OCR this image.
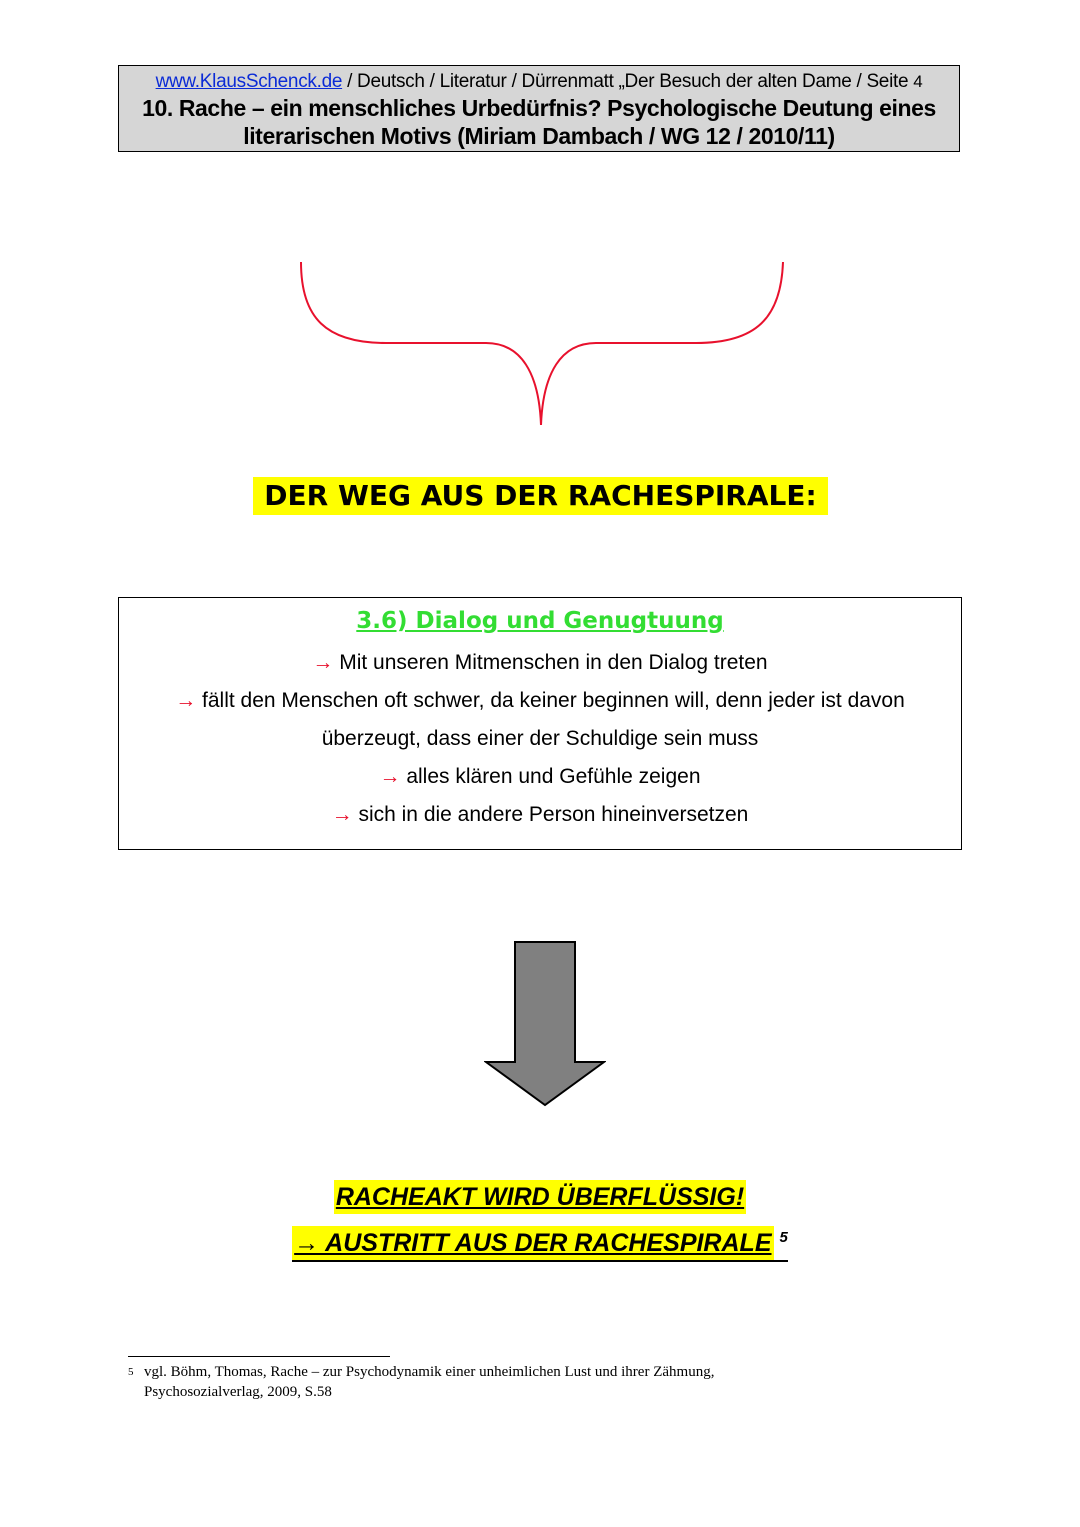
www.KlausSchenck.de / Deutsch / Literatur / Dürrenmatt „Der Besuch der alten Dame / Seite 4
10. Rache – ein menschliches Urbedürfnis? Psychologische Deutung eines
literarischen Motivs (Miriam Dambach / WG 12 / 2010/11)
DER WEG AUS DER RACHESPIRALE:
3.6) Dialog und Genugtuung
→ Mit unseren Mitmenschen in den Dialog treten
→ fällt den Menschen oft schwer, da keiner beginnen will, denn jeder ist davon
überzeugt, dass einer der Schuldige sein muss
→ alles klären und Gefühle zeigen
→ sich in die andere Person hineinversetzen
RACHEAKT WIRD ÜBERFLÜSSIG!
→ AUSTRITT AUS DER RACHESPIRALE $^5$
5 vgl. Böhm, Thomas, Rache – zur Psychodynamik einer unheimlichen Lust und ihrer Zähmung,
Psychosozialverlag, 2009, S.58
